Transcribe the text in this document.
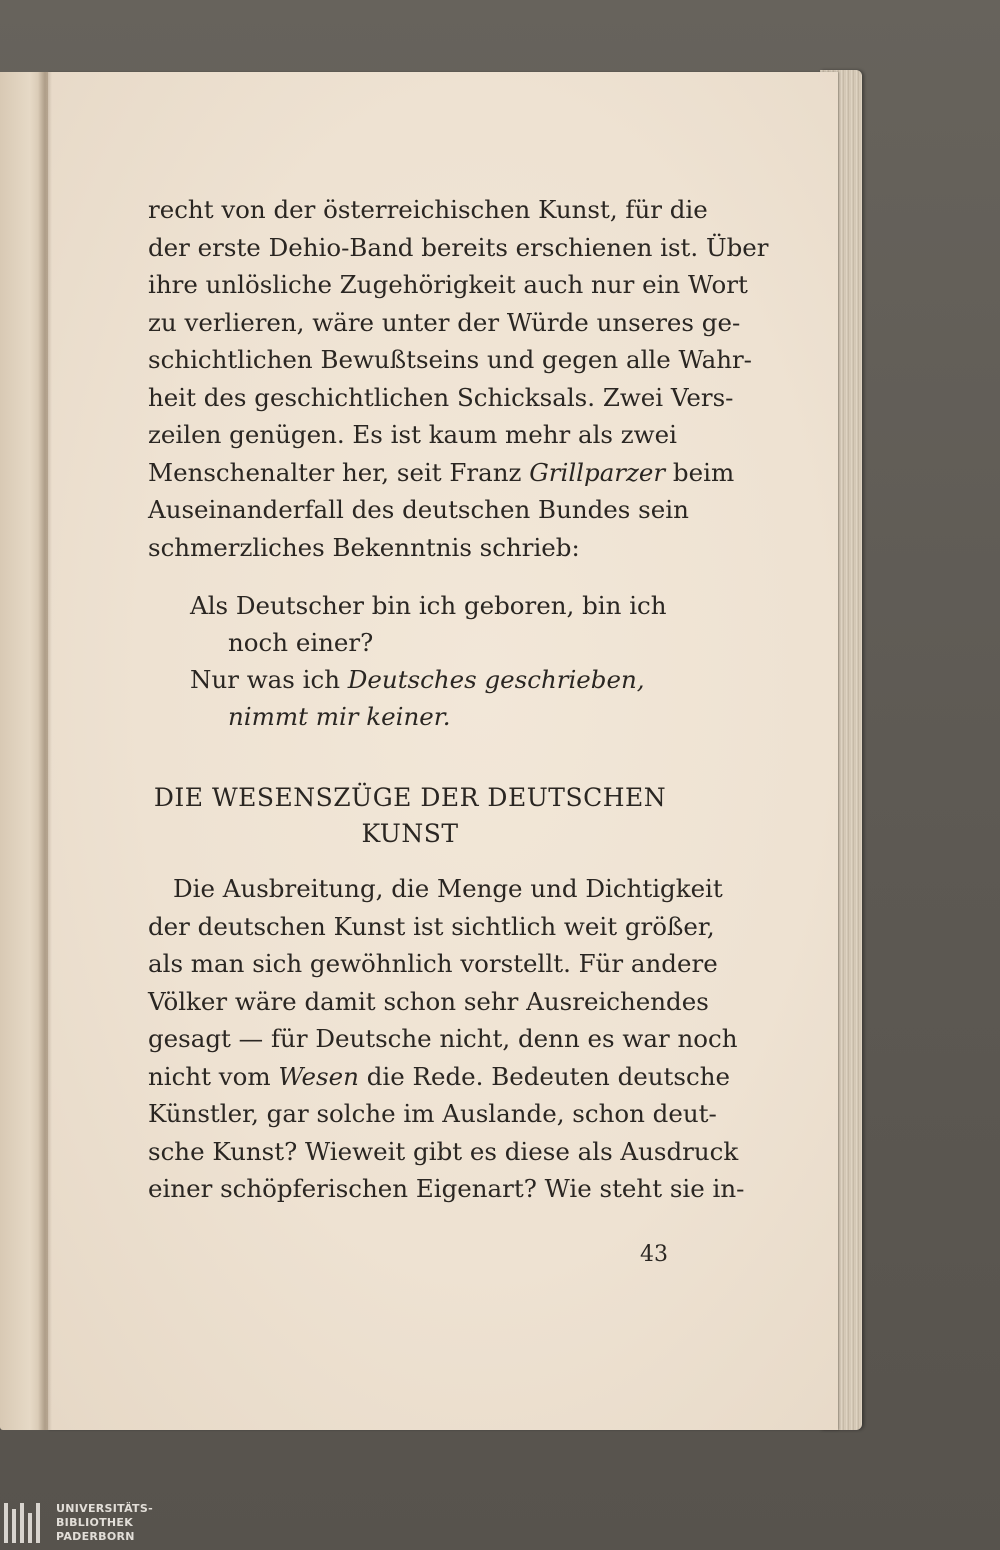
recht von der österreichischen Kunst, für die
der erste Dehio-Band bereits erschienen ist. Über
ihre unlösliche Zugehörigkeit auch nur ein Wort
zu verlieren, wäre unter der Würde unseres ge-
schichtlichen Bewußtseins und gegen alle Wahr-
heit des geschichtlichen Schicksals. Zwei Vers-
zeilen genügen. Es ist kaum mehr als zwei
Menschenalter her, seit Franz Grillparzer beim
Auseinanderfall des deutschen Bundes sein
schmerzliches Bekenntnis schrieb:
Als Deutscher bin ich geboren, bin ich
noch einer?
Nur was ich Deutsches geschrieben,
nimmt mir keiner.
DIE WESENSZÜGE DER DEUTSCHEN
KUNST
Die Ausbreitung, die Menge und Dichtigkeit
der deutschen Kunst ist sichtlich weit größer,
als man sich gewöhnlich vorstellt. Für andere
Völker wäre damit schon sehr Ausreichendes
gesagt — für Deutsche nicht, denn es war noch
nicht vom Wesen die Rede. Bedeuten deutsche
Künstler, gar solche im Auslande, schon deut-
sche Kunst? Wieweit gibt es diese als Ausdruck
einer schöpferischen Eigenart? Wie steht sie in-
43
UNIVERSITÄTS-
BIBLIOTHEK
PADERBORN
